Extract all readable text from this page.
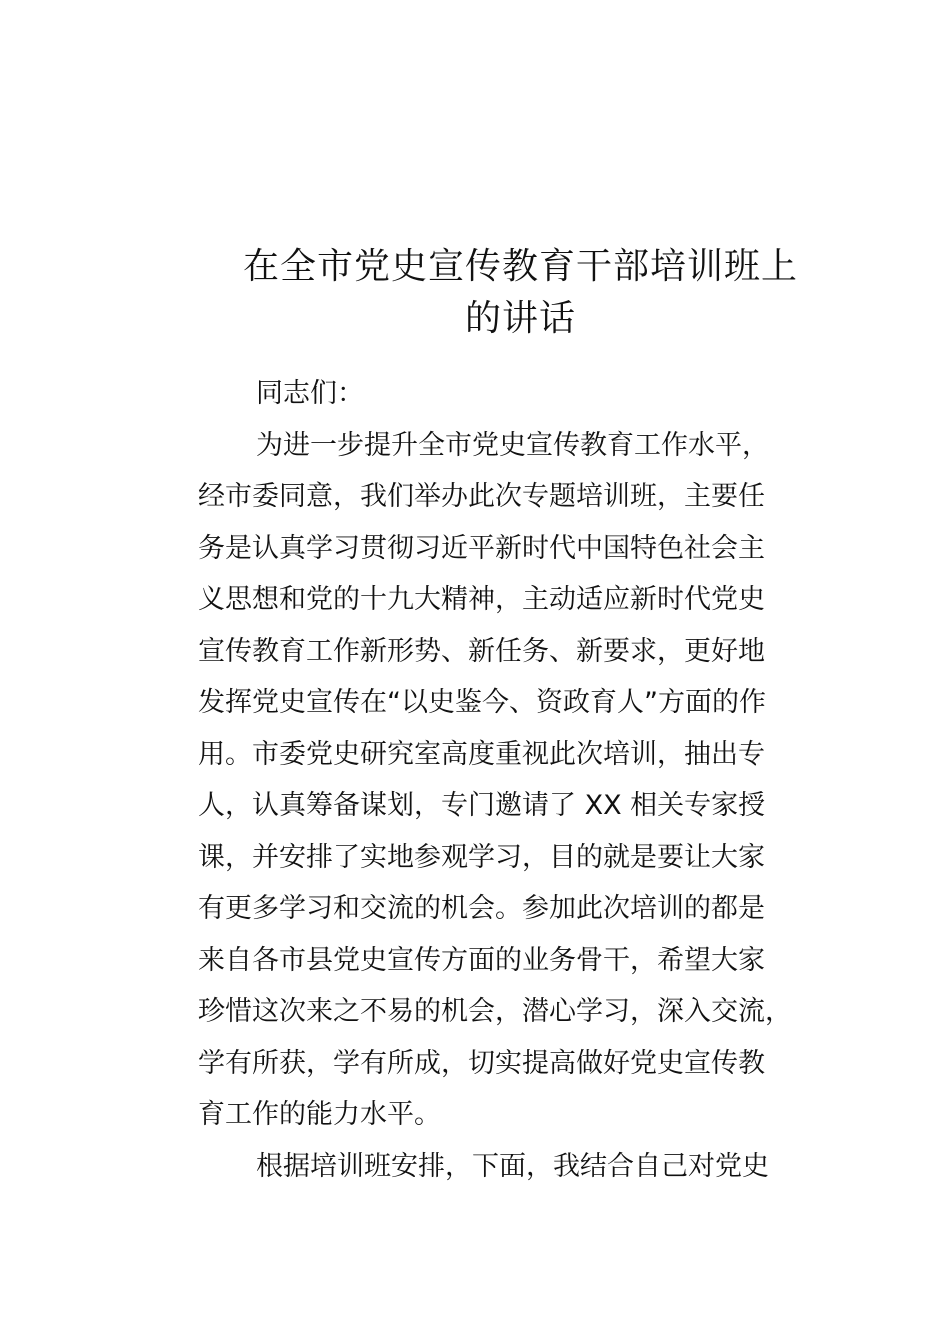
在全市党史宣传教育干部培训班上
的讲话
同志们：
为进一步提升全市党史宣传教育工作水平，
经市委同意，我们举办此次专题培训班，主要任
务是认真学习贯彻习近平新时代中国特色社会主
义思想和党的十九大精神，主动适应新时代党史
宣传教育工作新形势、新任务、新要求，更好地
发挥党史宣传在“以史鉴今、资政育人”方面的作
用。市委党史研究室高度重视此次培训，抽出专
人，认真筹备谋划，专门邀请了 XX 相关专家授
课，并安排了实地参观学习，目的就是要让大家
有更多学习和交流的机会。参加此次培训的都是
来自各市县党史宣传方面的业务骨干，希望大家
珍惜这次来之不易的机会，潜心学习，深入交流，
学有所获，学有所成，切实提高做好党史宣传教
育工作的能力水平。
根据培训班安排，下面，我结合自己对党史
